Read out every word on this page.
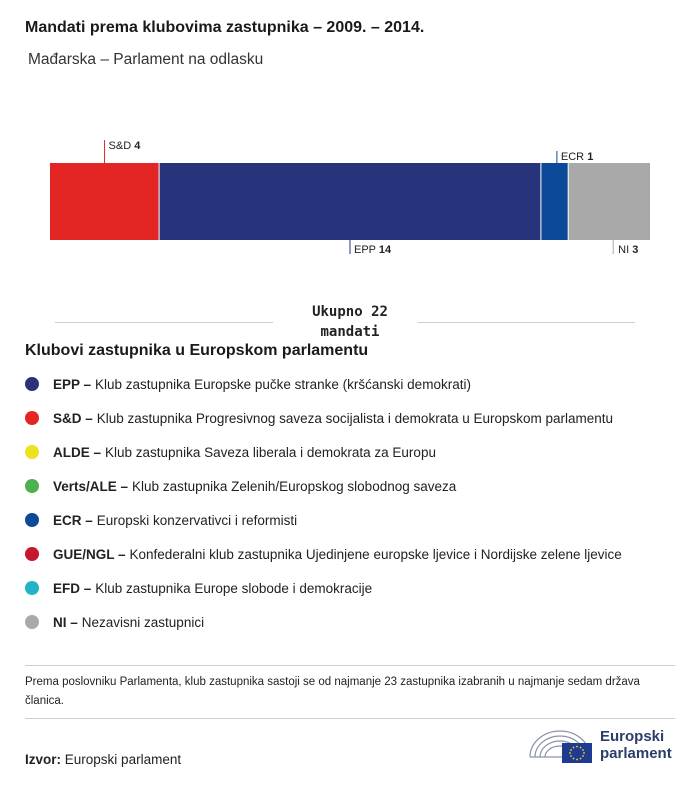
Mandati prema klubovima zastupnika – 2009. – 2014.
Mađarska – Parlament na odlasku
S&D 4
EPP 14
ECR 1
NI 3
Ukupno 22
mandati
Klubovi zastupnika u Europskom parlamentu
EPP – Klub zastupnika Europske pučke stranke (kršćanski demokrati)
S&D – Klub zastupnika Progresivnog saveza socijalista i demokrata u Europskom parlamentu
ALDE – Klub zastupnika Saveza liberala i demokrata za Europu
Verts/ALE – Klub zastupnika Zelenih/Europskog slobodnog saveza
ECR – Europski konzervativci i reformisti
GUE/NGL – Konfederalni klub zastupnika Ujedinjene europske ljevice i Nordijske zelene ljevice
EFD – Klub zastupnika Europe slobode i demokracije
NI – Nezavisni zastupnici
Prema poslovniku Parlamenta, klub zastupnika sastoji se od najmanje 23 zastupnika izabranih u najmanje sedam država članica.
Izvor: Europski parlament
Europski
parlament
